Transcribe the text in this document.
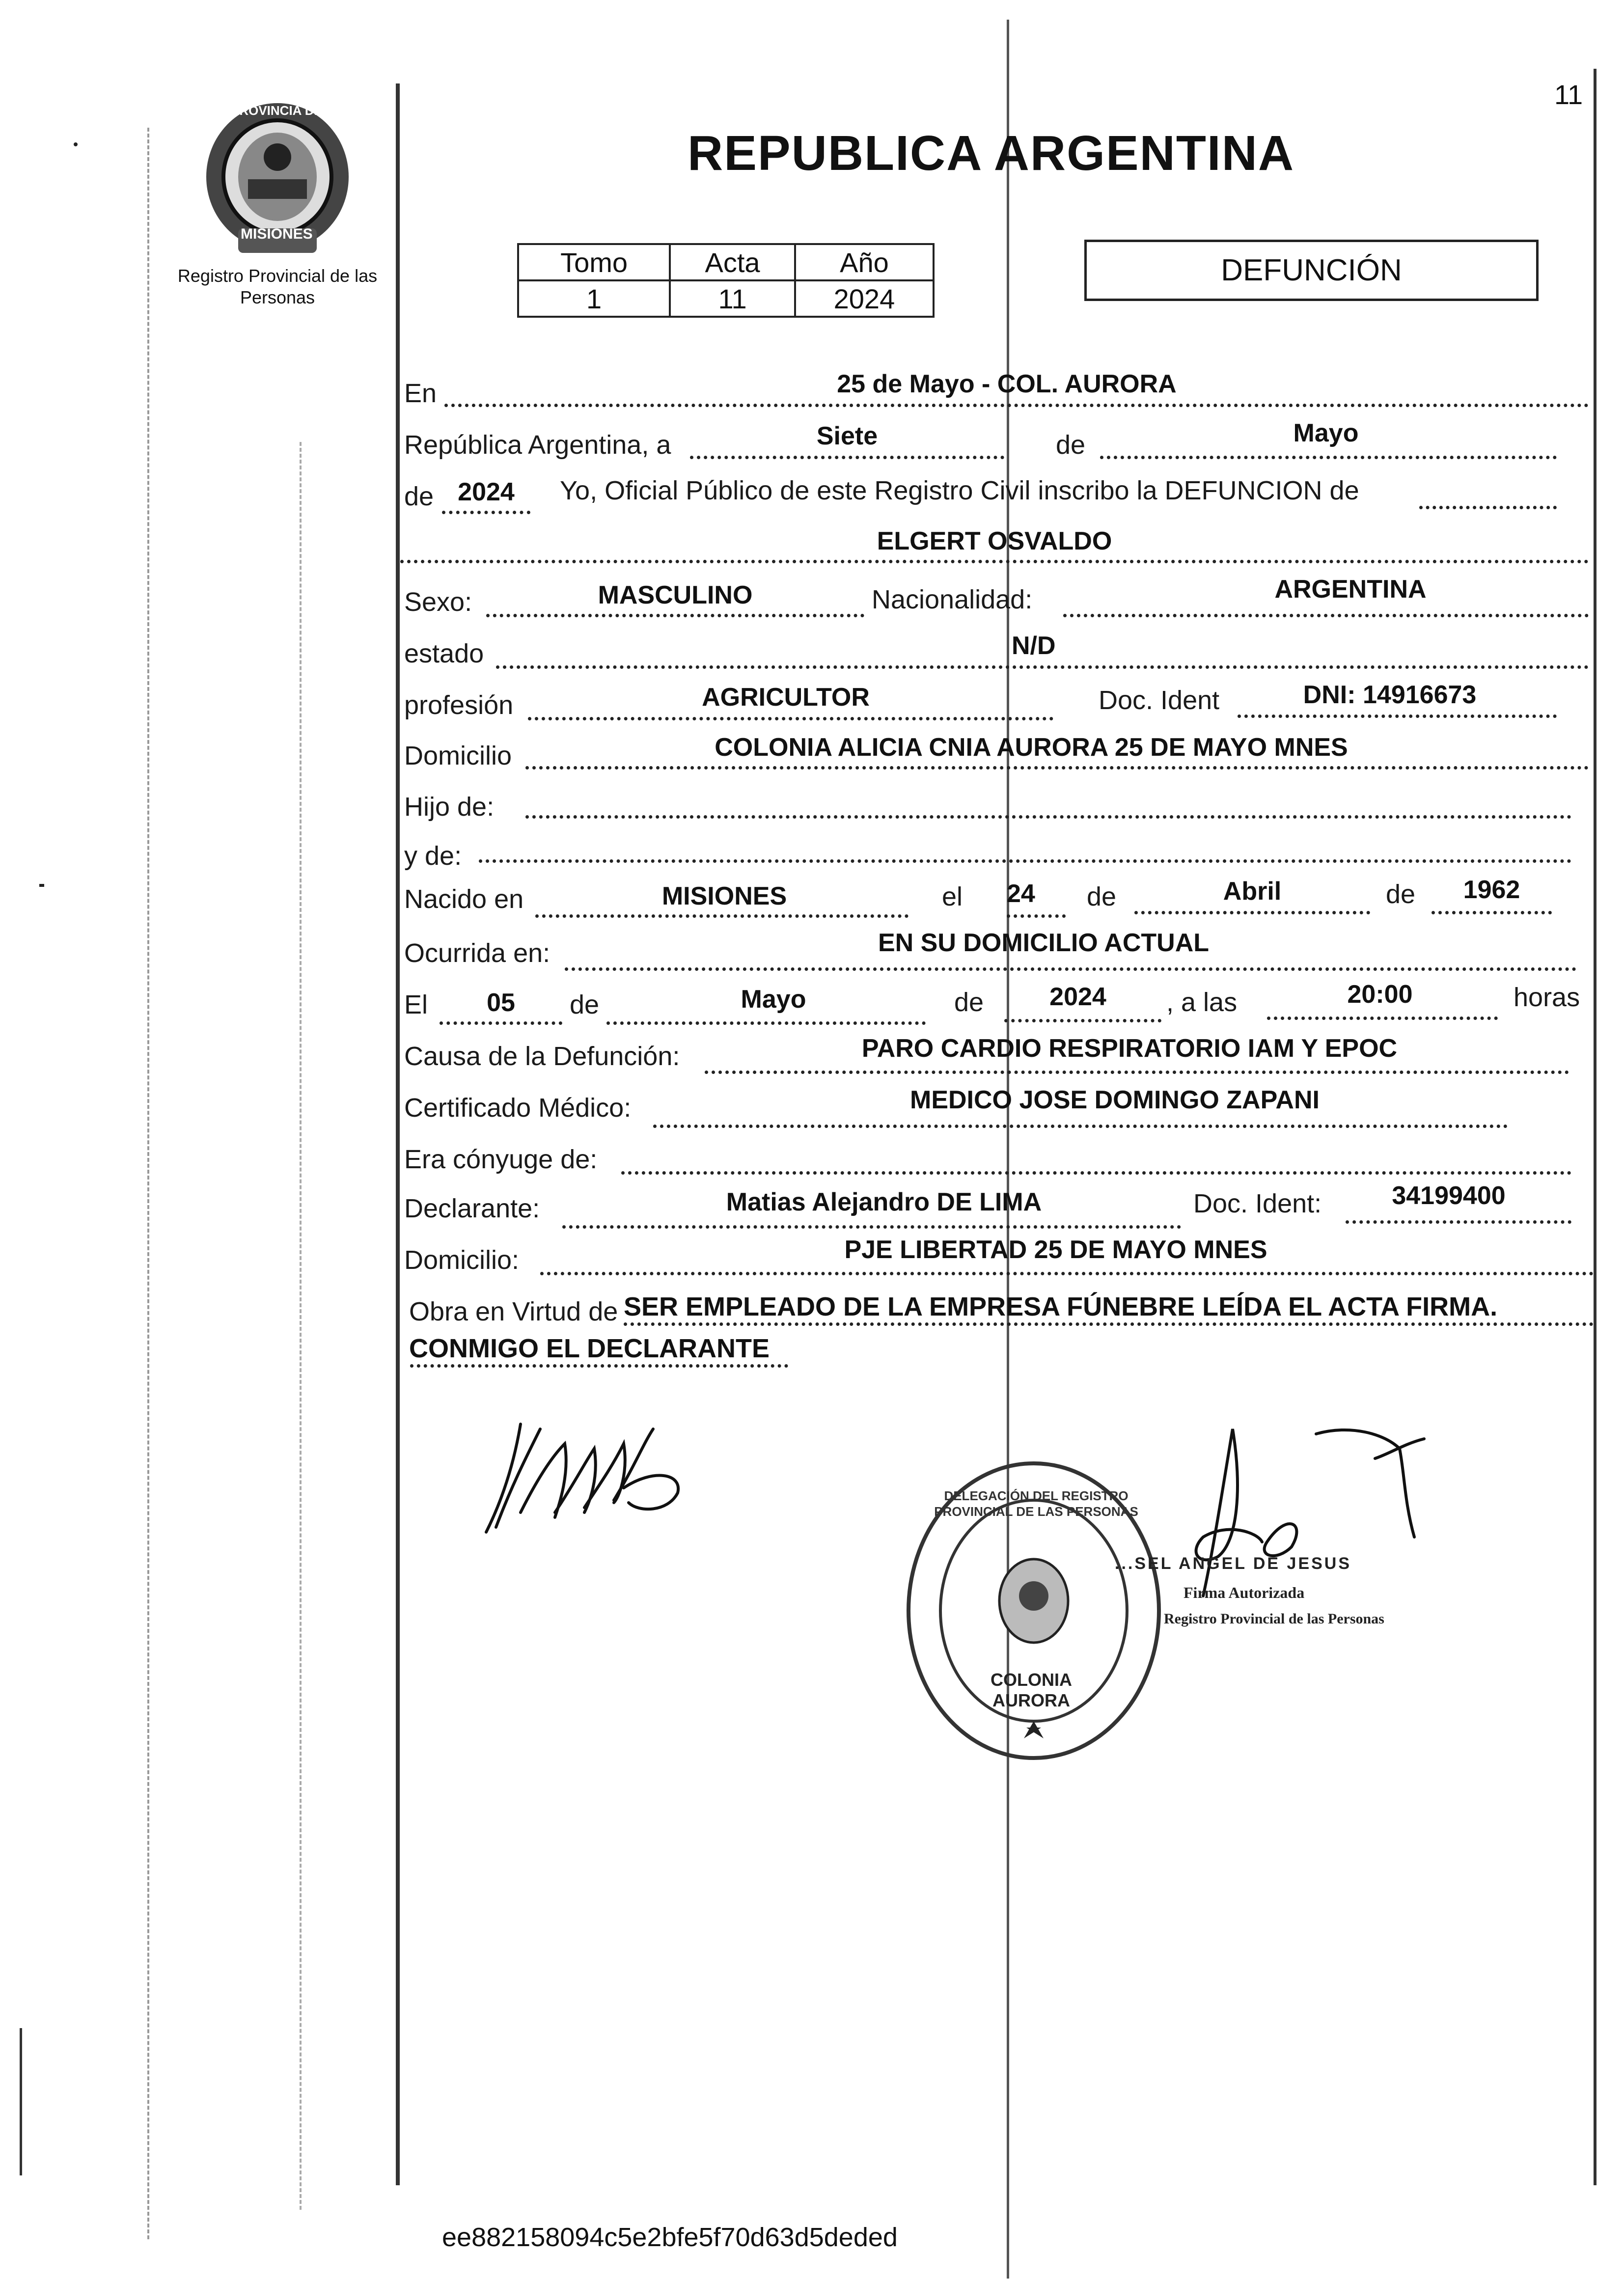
11
PROVINCIA DE
MISIONES
Registro Provincial de las Personas
REPUBLICA ARGENTINA
Tomo	Acta	Año
1	11	2024
DEFUNCIÓN
En	25 de Mayo - COL. AURORA
República Argentina, a	Siete	de	Mayo
de 2024	Yo, Oficial Público de este Registro Civil inscribo la DEFUNCION de
ELGERT OSVALDO
Sexo:	MASCULINO	Nacionalidad:	ARGENTINA
estado	N/D
profesión	AGRICULTOR	Doc. Ident	DNI: 14916673
Domicilio	COLONIA ALICIA CNIA AURORA 25 DE MAYO MNES
Hijo de:
y de:
Nacido en	MISIONES	el 24	de	Abril	de	1962
Ocurrida en:	EN SU DOMICILIO ACTUAL
El	05	de	Mayo	de	2024	, a las	20:00	horas
Causa de la Defunción:	PARO CARDIO RESPIRATORIO IAM Y EPOC
Certificado Médico:	MEDICO JOSE DOMINGO ZAPANI
Era cónyuge de:
Declarante:	Matias Alejandro DE LIMA	Doc. Ident:	34199400
Domicilio:	PJE LIBERTAD 25 DE MAYO MNES
Obra en Virtud de SER EMPLEADO DE LA EMPRESA FÚNEBRE LEÍDA EL ACTA FIRMA.
CONMIGO EL DECLARANTE
DELEGACIÓN DEL REGISTRO PROVINCIAL DE LAS PERSONAS
COLONIA AURORA
...SEL ANGEL DE JESUS
Firma Autorizada
Registro Provincial de las Personas
ee882158094c5e2bfe5f70d63d5deded
